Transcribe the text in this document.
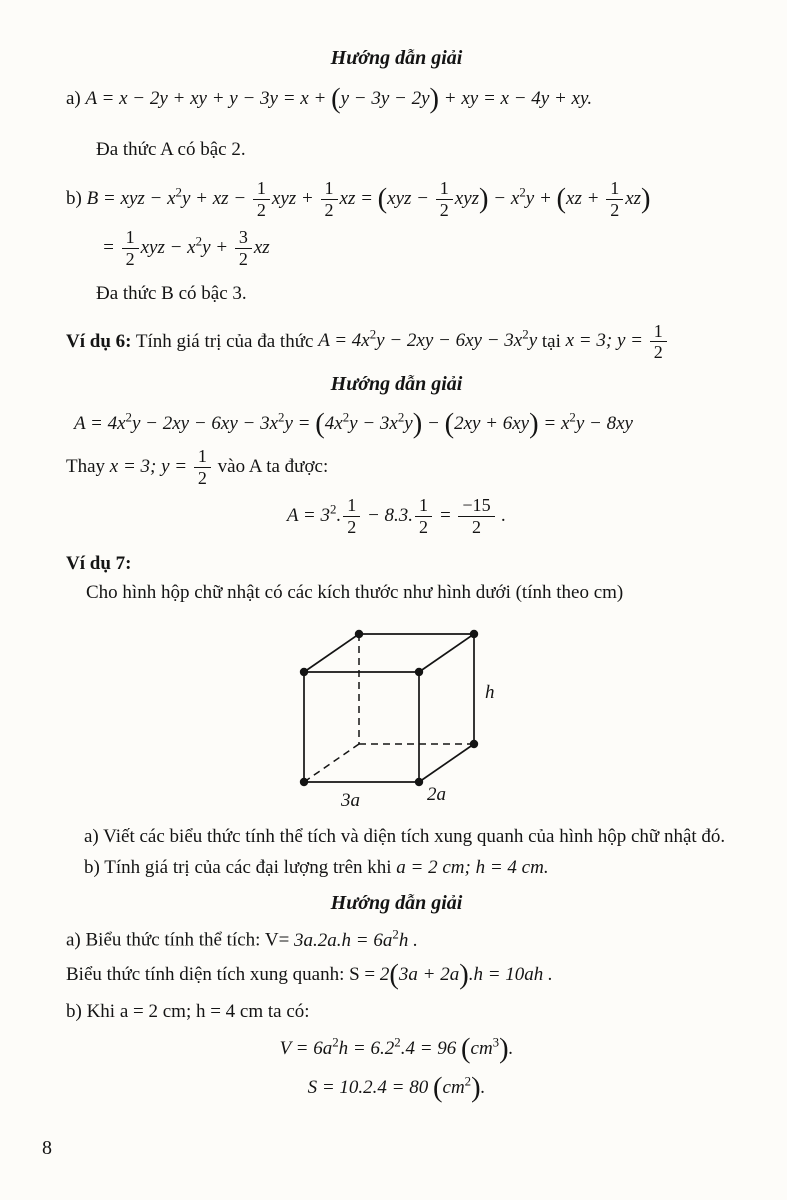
Hướng dẫn giải

a) A = x − 2y + xy + y − 3y = x + (y − 3y − 2y) + xy = x − 4y + xy.

Đa thức A có bậc 2.

b) B = xyz − $x^2y$ + xz − $\frac{1}{2}$ xyz + $\frac{1}{2}$ xz = $(xyz - \frac{1}{2} xyz) - x^2y + (xz + \frac{1}{2} xz)$

= $\frac{1}{2}$ xyz − $x^2y + \frac{3}{2}$ xz

Đa thức B có bậc 3.

Ví dụ 6: Tính giá trị của đa thức $A = 4x^2y - 2xy - 6xy - 3x^2y$ tại x = 3; $y = \frac{1}{2}$

Hướng dẫn giải

$A = 4x^2y - 2xy - 6xy - 3x^2y = (4x^2y - 3x^2y) - (2xy + 6xy) = x^2y - 8xy$

Thay x = 3; $y = \frac{1}{2}$ vào A ta được:

$A = 3^2$. $\frac{1}{2} - 8.3$. $\frac{1}{2} = \frac{-15}{2}$ .

Ví dụ 7:

Cho hình hộp chữ nhật có các kích thước như hình dưới (tính theo cm)

h
2a
3a

a) Viết các biểu thức tính thể tích và diện tích xung quanh của hình hộp chữ nhật đó.

b) Tính giá trị của các đại lượng trên khi a = 2 cm; h = 4 cm.

Hướng dẫn giải

a) Biểu thức tính thể tích: $V= 3a.2a.h = 6a^2h$ .

Biểu thức tính diện tích xung quanh: S = 2(3a + 2a).h = 10ah .

b) Khi a = 2 cm; h = 4 cm ta có:

$V = 6a^2h = 6.2^2.4 = 96$ $(cm^3)$.

S = 10.2.4 = 80 $(cm^2)$.

8
